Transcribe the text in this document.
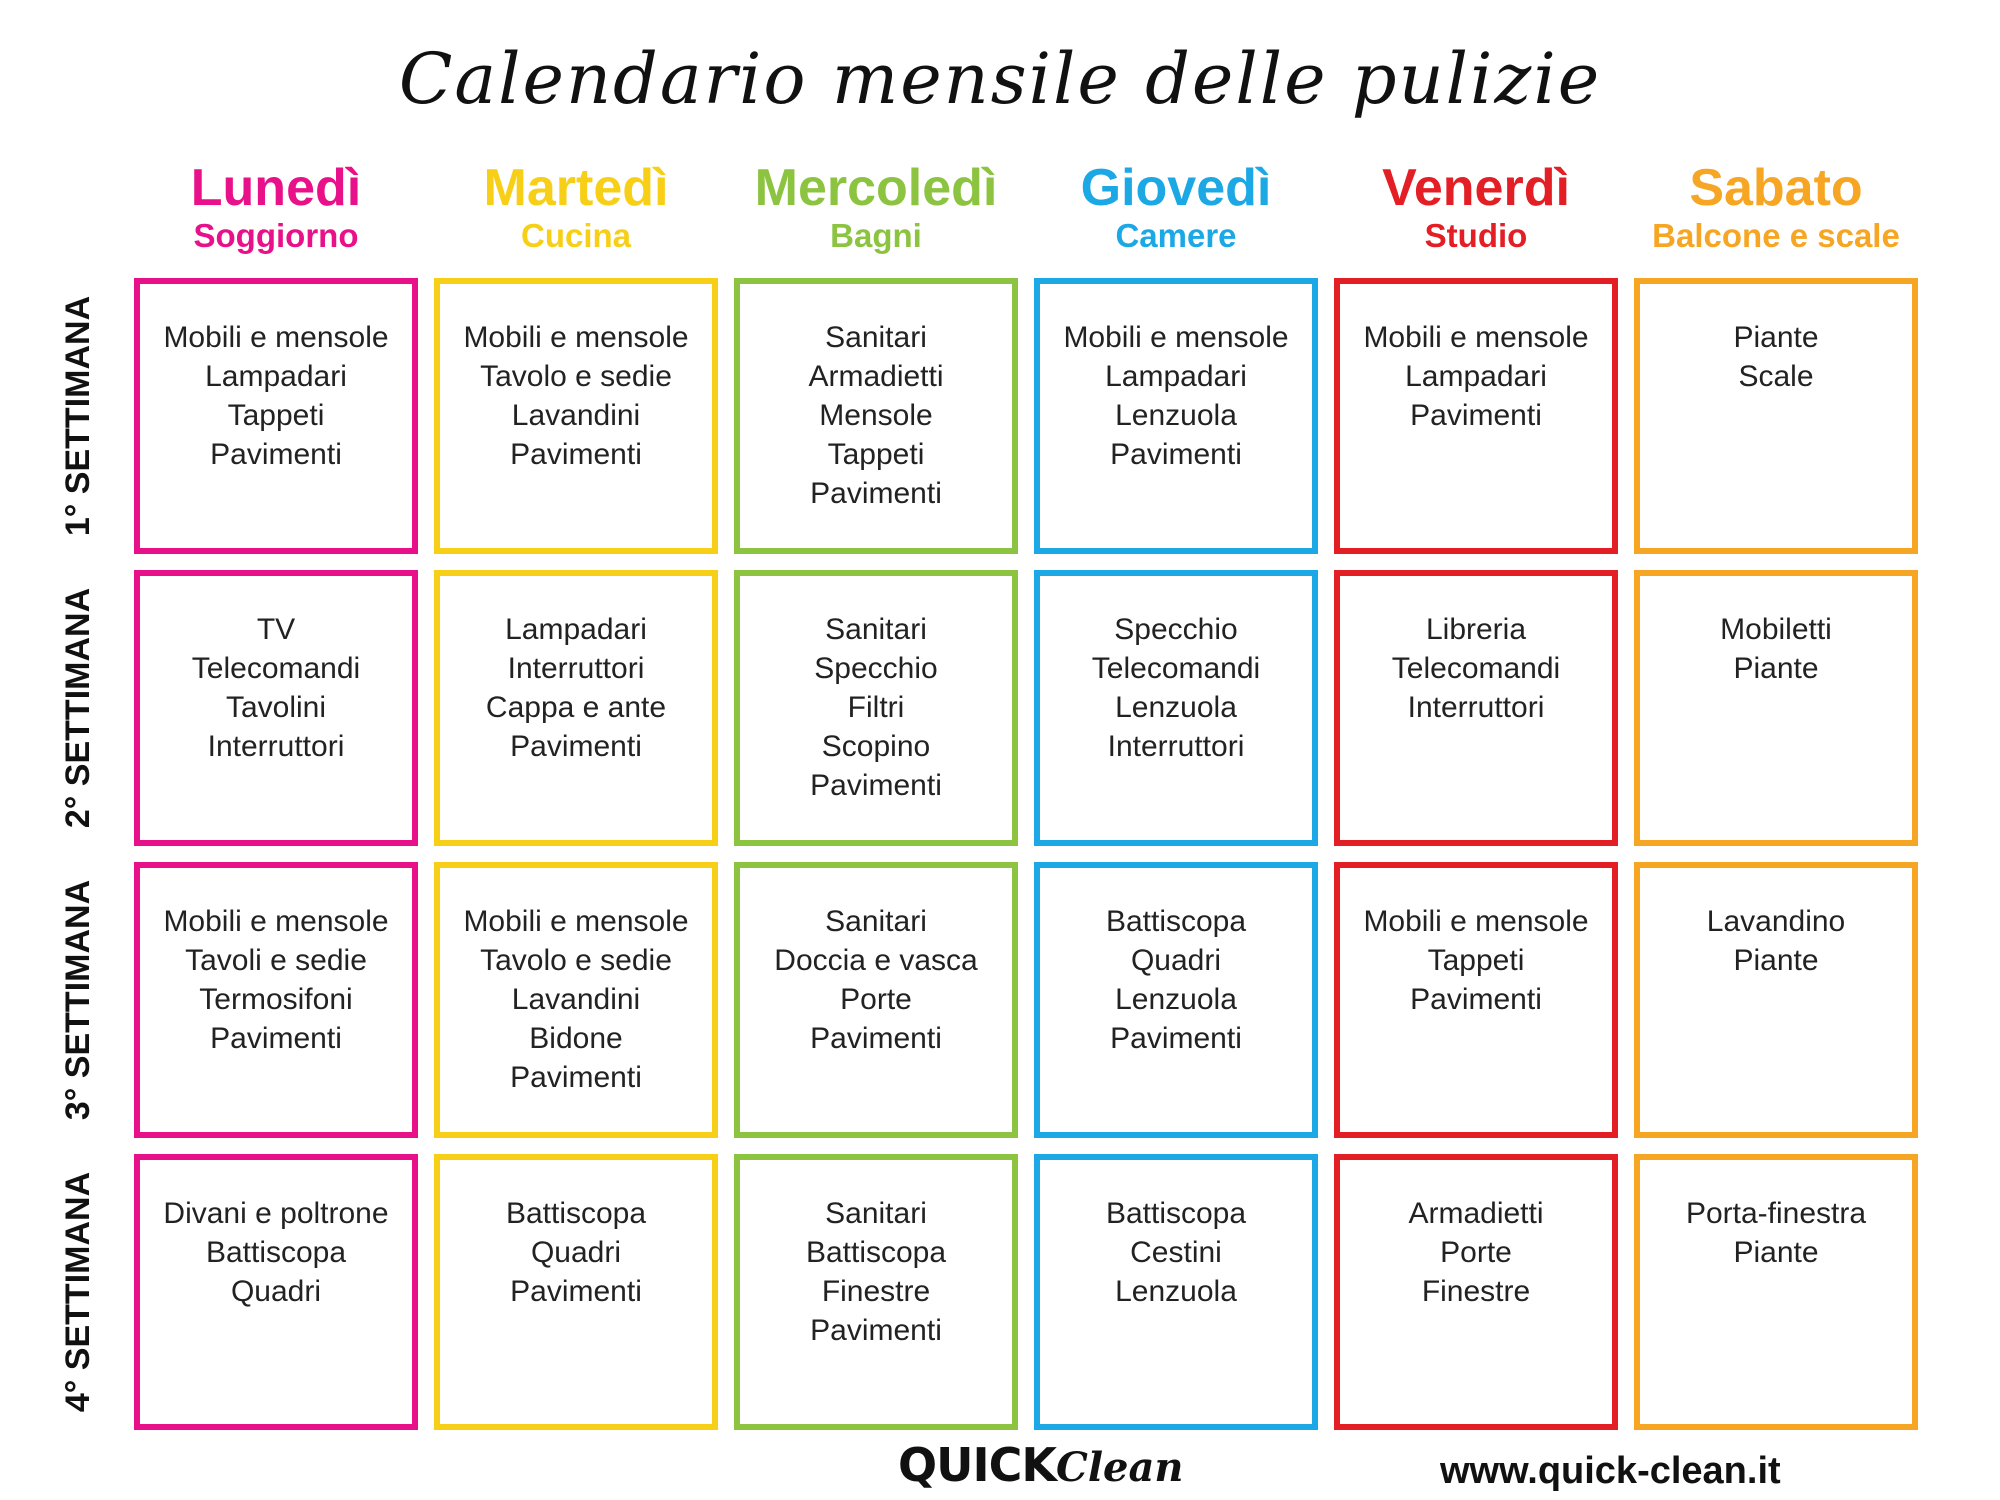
Calendario mensile delle pulizie
Lunedì
Soggiorno
Martedì
Cucina
Mercoledì
Bagni
Giovedì
Camere
Venerdì
Studio
Sabato
Balcone e scale
1° SETTIMANA
2° SETTIMANA
3° SETTIMANA
4° SETTIMANA
Mobili e mensole
Lampadari
Tappeti
Pavimenti
Mobili e mensole
Tavolo e sedie
Lavandini
Pavimenti
Sanitari
Armadietti
Mensole
Tappeti
Pavimenti
Mobili e mensole
Lampadari
Lenzuola
Pavimenti
Mobili e mensole
Lampadari
Pavimenti
Piante
Scale
TV
Telecomandi
Tavolini
Interruttori
Lampadari
Interruttori
Cappa e ante
Pavimenti
Sanitari
Specchio
Filtri
Scopino
Pavimenti
Specchio
Telecomandi
Lenzuola
Interruttori
Libreria
Telecomandi
Interruttori
Mobiletti
Piante
Mobili e mensole
Tavoli e sedie
Termosifoni
Pavimenti
Mobili e mensole
Tavolo e sedie
Lavandini
Bidone
Pavimenti
Sanitari
Doccia e vasca
Porte
Pavimenti
Battiscopa
Quadri
Lenzuola
Pavimenti
Mobili e mensole
Tappeti
Pavimenti
Lavandino
Piante
Divani e poltrone
Battiscopa
Quadri
Battiscopa
Quadri
Pavimenti
Sanitari
Battiscopa
Finestre
Pavimenti
Battiscopa
Cestini
Lenzuola
Armadietti
Porte
Finestre
Porta-finestra
Piante
QUICKClean	www.quick-clean.it
